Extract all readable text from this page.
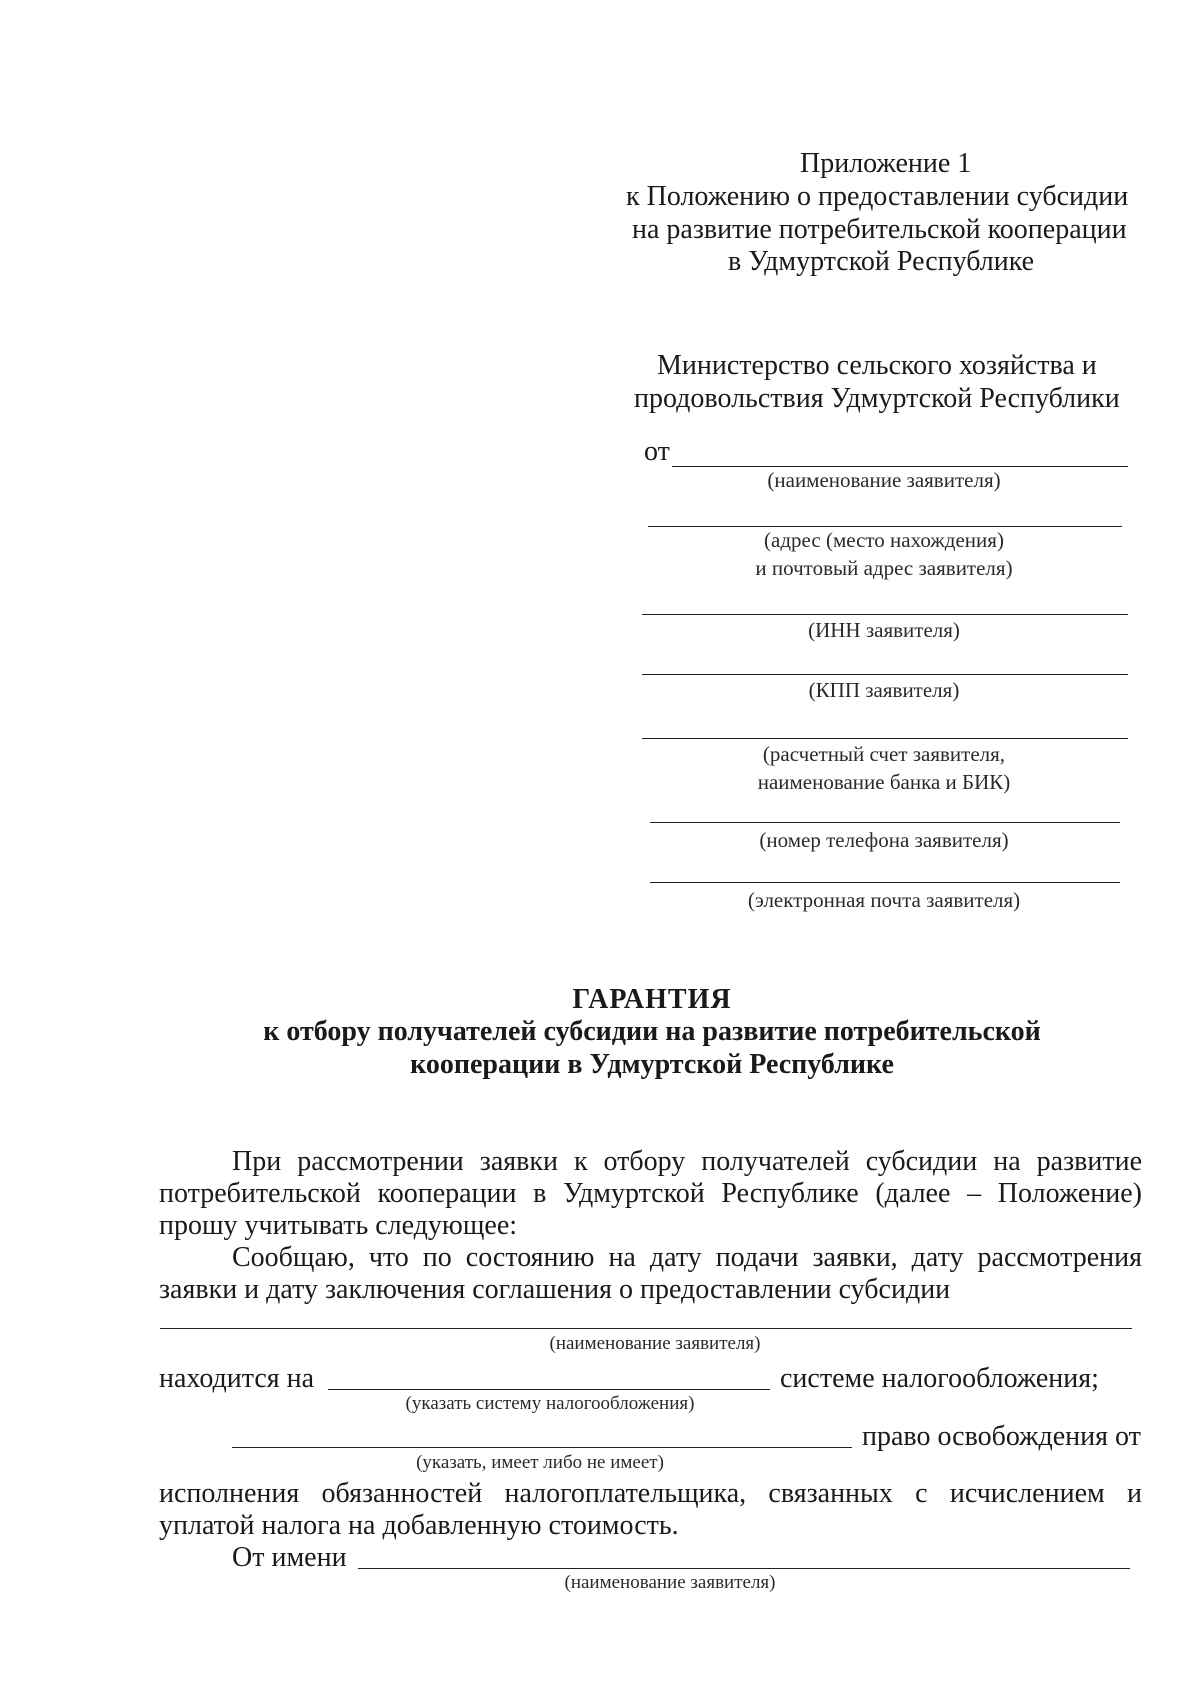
Приложение 1
к Положению о предоставлении субсидии
на развитие потребительской кооперации
в Удмуртской Республике
Министерство сельского хозяйства и
продовольствия Удмуртской Республики
от
(наименование заявителя)
(адрес (место нахождения)
и почтовый адрес заявителя)
(ИНН заявителя)
(КПП заявителя)
(расчетный счет заявителя,
наименование банка и БИК)
(номер телефона заявителя)
(электронная почта заявителя)
ГАРАНТИЯ
к отбору получателей субсидии на развитие потребительской
кооперации в Удмуртской Республике
При рассмотрении заявки к отбору получателей субсидии на развитие
потребительской кооперации в Удмуртской Республике (далее – Положение)
прошу учитывать следующее:
Сообщаю, что по состоянию на дату подачи заявки, дату рассмотрения
заявки и дату заключения соглашения о предоставлении субсидии
(наименование заявителя)
находится на	системе налогообложения;
(указать систему налогообложения)
право освобождения от
(указать, имеет либо не имеет)
исполнения обязанностей налогоплательщика, связанных с исчислением и
уплатой налога на добавленную стоимость.
От имени
(наименование заявителя)
